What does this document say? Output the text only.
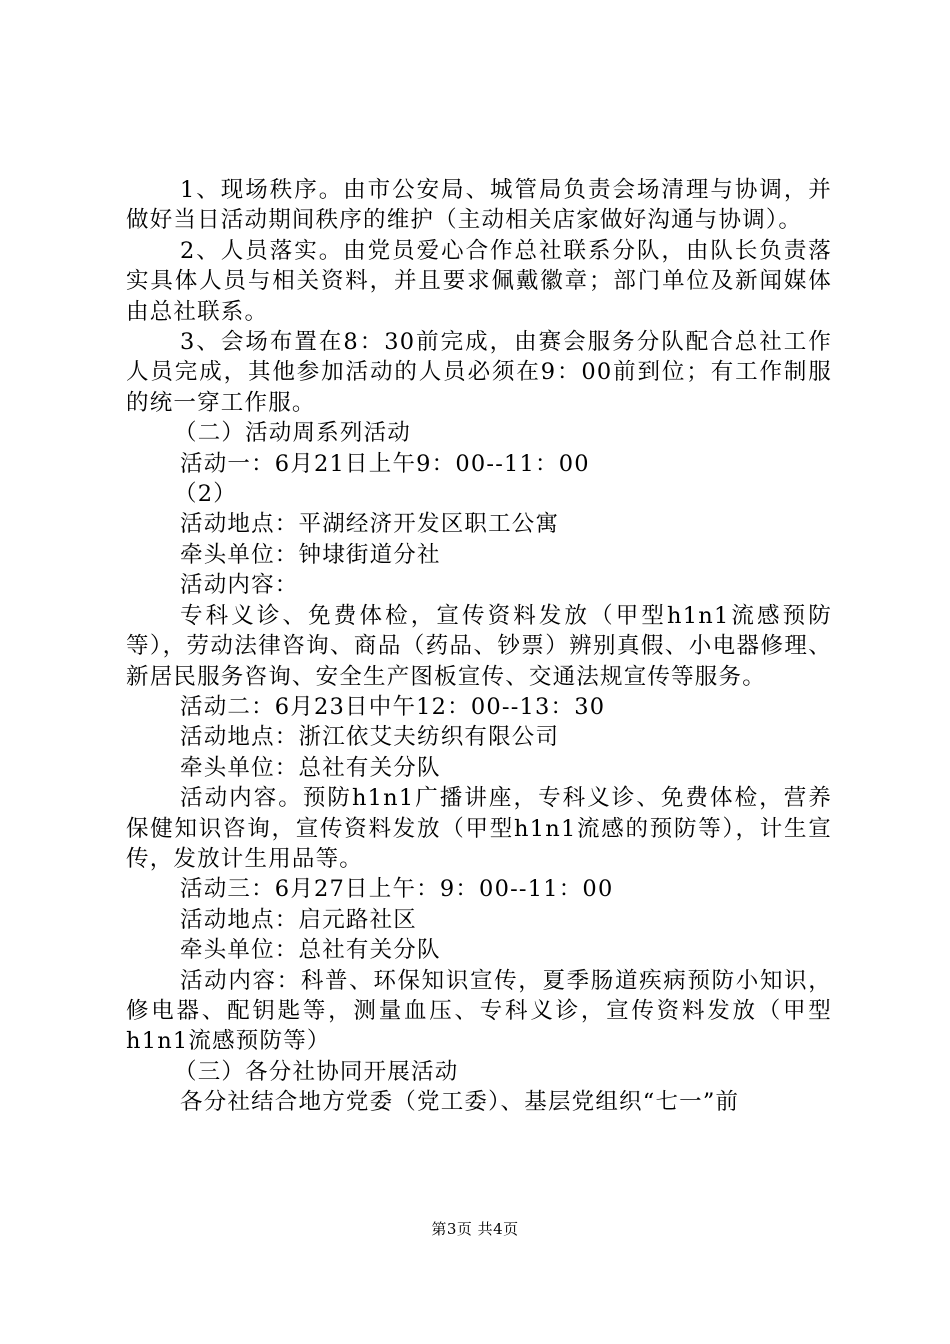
1、现场秩序。由市公安局、城管局负责会场清理与协调，并做好当日活动期间秩序的维护（主动相关店家做好沟通与协调）。

2、人员落实。由党员爱心合作总社联系分队，由队长负责落实具体人员与相关资料，并且要求佩戴徽章；部门单位及新闻媒体由总社联系。

3、会场布置在8：30前完成，由赛会服务分队配合总社工作人员完成，其他参加活动的人员必须在9：00前到位；有工作制服的统一穿工作服。

（二）活动周系列活动

活动一：6月21日上午9：00--11：00

（2）

活动地点：平湖经济开发区职工公寓

牵头单位：钟埭街道分社

活动内容：

专科义诊、免费体检，宣传资料发放（甲型h1n1流感预防等），劳动法律咨询、商品（药品、钞票）辨别真假、小电器修理、新居民服务咨询、安全生产图板宣传、交通法规宣传等服务。

活动二：6月23日中午12：00--13：30

活动地点：浙江依艾夫纺织有限公司

牵头单位：总社有关分队

活动内容。预防h1n1广播讲座，专科义诊、免费体检，营养保健知识咨询，宣传资料发放（甲型h1n1流感的预防等），计生宣传，发放计生用品等。

活动三：6月27日上午：9：00--11：00

活动地点：启元路社区

牵头单位：总社有关分队

活动内容：科普、环保知识宣传，夏季肠道疾病预防小知识，修电器、配钥匙等，测量血压、专科义诊，宣传资料发放（甲型h1n1流感预防等）

（三）各分社协同开展活动

各分社结合地方党委（党工委）、基层党组织“七一”前

第3页 共4页
